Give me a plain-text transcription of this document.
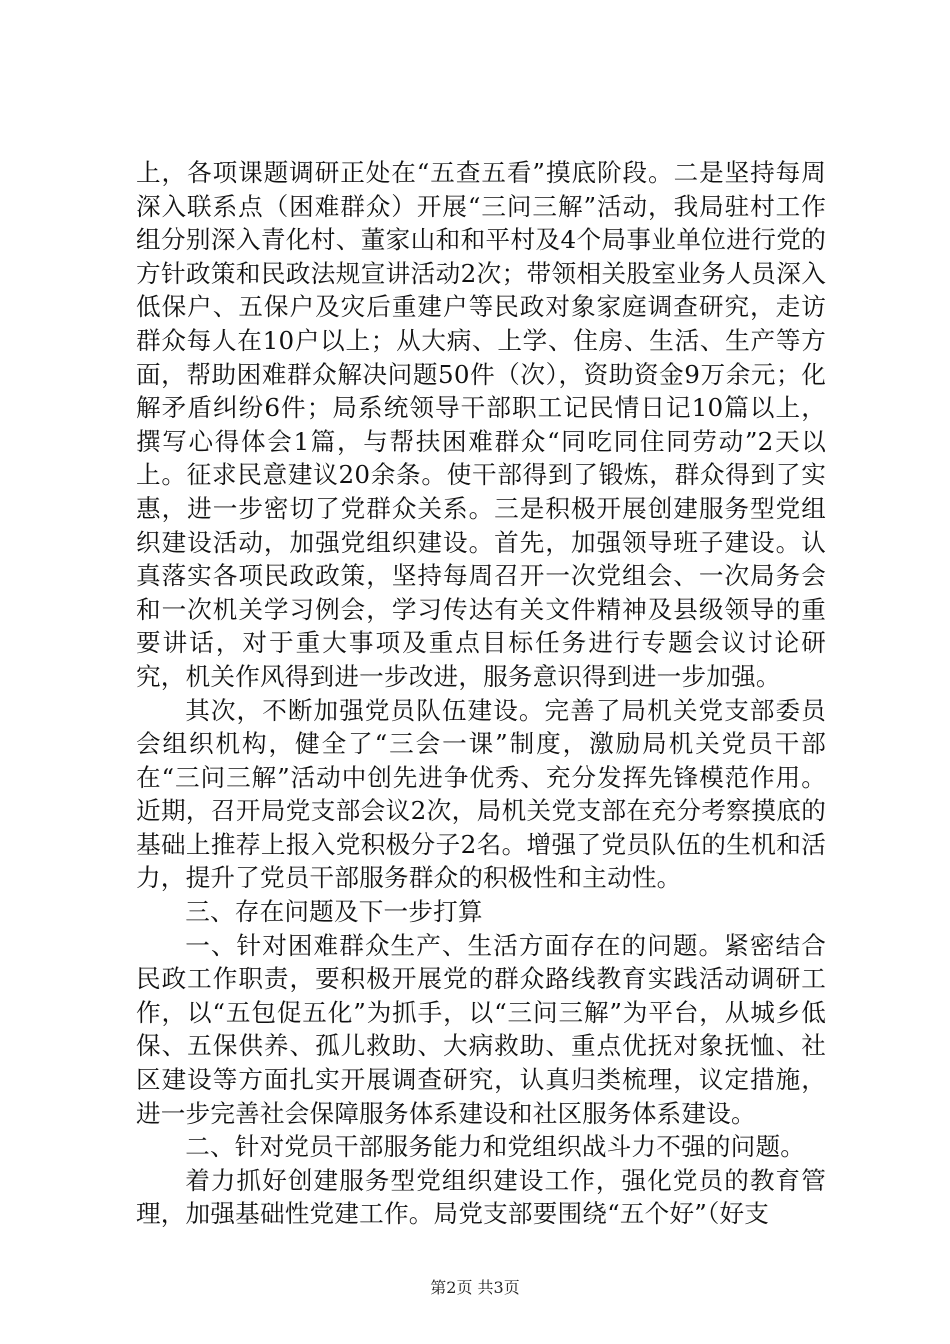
上，各项课题调研正处在“五查五看”摸底阶段。二是坚持每周深入联系点（困难群众）开展“三问三解”活动，我局驻村工作组分别深入青化村、董家山和和平村及4个局事业单位进行党的方针政策和民政法规宣讲活动2次；带领相关股室业务人员深入低保户、五保户及灾后重建户等民政对象家庭调查研究，走访群众每人在10户以上；从大病、上学、住房、生活、生产等方面，帮助困难群众解决问题50件（次），资助资金9万余元；化解矛盾纠纷6件；局系统领导干部职工记民情日记10篇以上，撰写心得体会1篇，与帮扶困难群众“同吃同住同劳动”2天以上。征求民意建议20余条。使干部得到了锻炼，群众得到了实惠，进一步密切了党群众关系。三是积极开展创建服务型党组织建设活动，加强党组织建设。首先，加强领导班子建设。认真落实各项民政政策，坚持每周召开一次党组会、一次局务会和一次机关学习例会，学习传达有关文件精神及县级领导的重要讲话，对于重大事项及重点目标任务进行专题会议讨论研究，机关作风得到进一步改进，服务意识得到进一步加强。

其次，不断加强党员队伍建设。完善了局机关党支部委员会组织机构，健全了“三会一课”制度，激励局机关党员干部在“三问三解”活动中创先进争优秀、充分发挥先锋模范作用。近期，召开局党支部会议2次，局机关党支部在充分考察摸底的基础上推荐上报入党积极分子2名。增强了党员队伍的生机和活力，提升了党员干部服务群众的积极性和主动性。

三、存在问题及下一步打算

一、针对困难群众生产、生活方面存在的问题。紧密结合民政工作职责，要积极开展党的群众路线教育实践活动调研工作，以“五包促五化”为抓手，以“三问三解”为平台，从城乡低保、五保供养、孤儿救助、大病救助、重点优抚对象抚恤、社区建设等方面扎实开展调查研究，认真归类梳理，议定措施，进一步完善社会保障服务体系建设和社区服务体系建设。

二、针对党员干部服务能力和党组织战斗力不强的问题。

着力抓好创建服务型党组织建设工作，强化党员的教育管理，加强基础性党建工作。局党支部要围绕“五个好”（好支

第2页 共3页
